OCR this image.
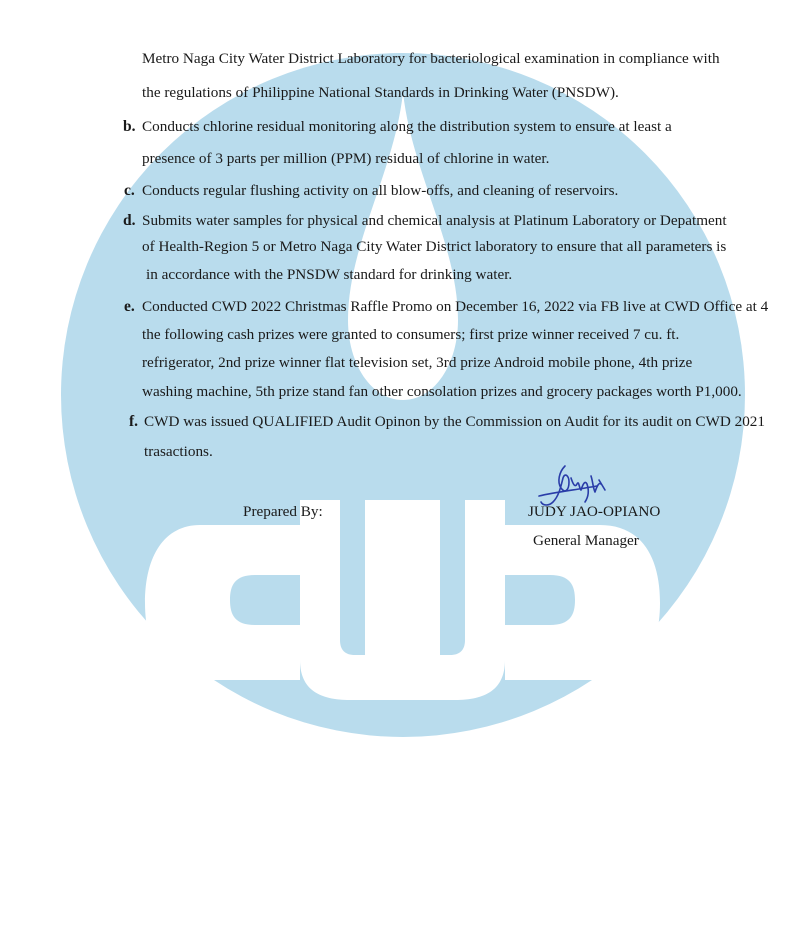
Metro Naga City Water District Laboratory for bacteriological examination in compliance with
the regulations of Philippine National Standards in Drinking Water (PNSDW).
b. Conducts chlorine residual monitoring along the distribution system to ensure at least a
presence of 3 parts per million (PPM) residual of chlorine in water.
c. Conducts regular flushing activity on all blow-offs, and cleaning of reservoirs.
d. Submits water samples for physical and chemical analysis at Platinum Laboratory or Depatment
of Health-Region 5 or Metro Naga City Water District laboratory to ensure that all parameters is
in accordance with the PNSDW standard for drinking water.
e. Conducted CWD 2022 Christmas Raffle Promo on December 16, 2022 via FB live at CWD Office at 4
the following cash prizes were granted to consumers; first prize winner received 7 cu. ft.
refrigerator, 2nd prize winner flat television set, 3rd prize Android mobile phone, 4th prize
washing machine, 5th prize stand fan other consolation prizes and grocery packages worth P1,000.
f. CWD was issued QUALIFIED Audit Opinon by the Commission on Audit for its audit on CWD 2021
trasactions.
Prepared By:	JUDY JAO-OPIANO
General Manager
